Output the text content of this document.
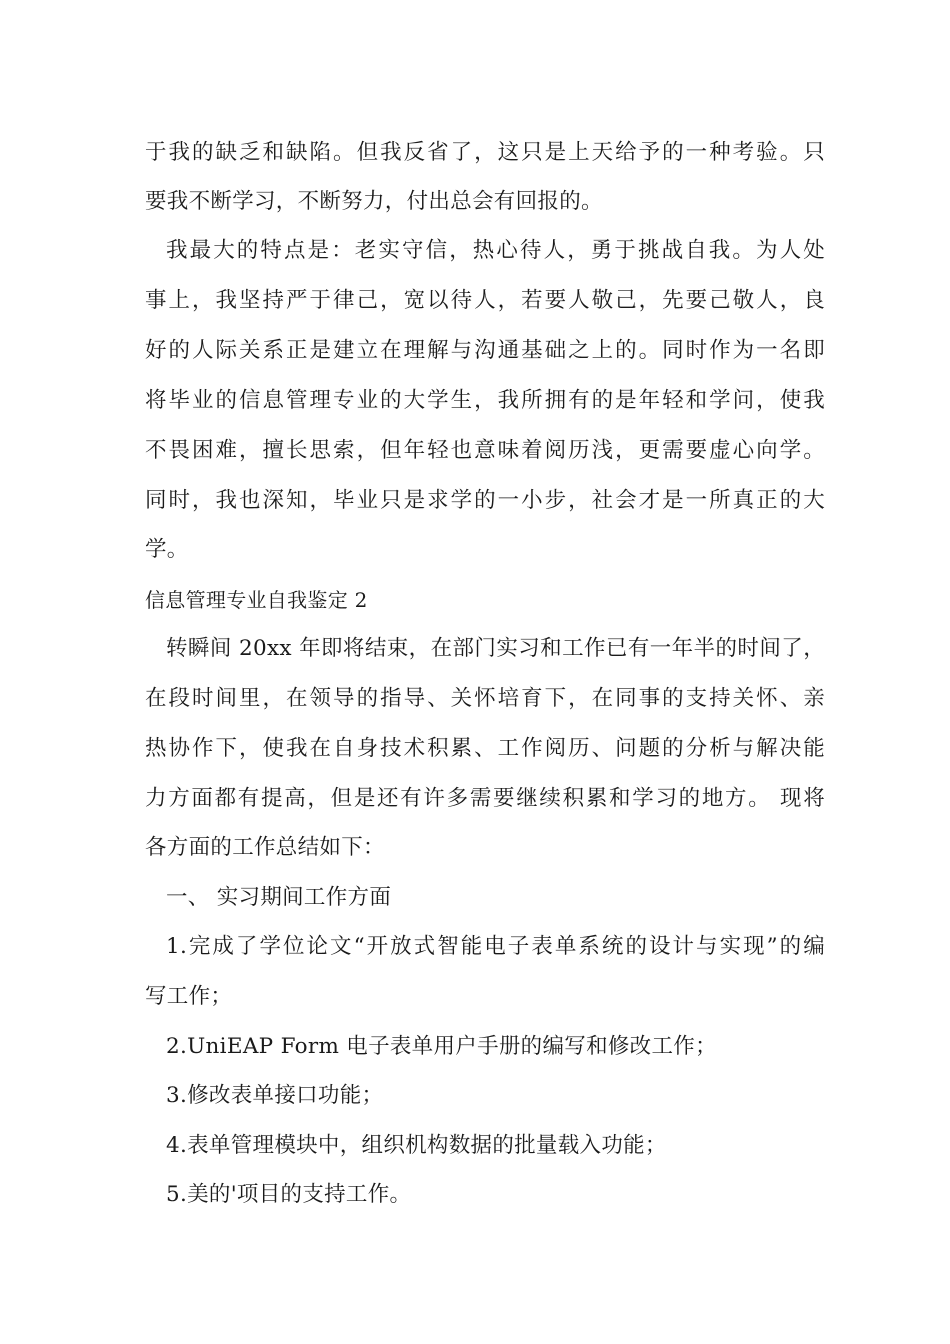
于我的缺乏和缺陷。但我反省了，这只是上天给予的一种考验。只
要我不断学习，不断努力，付出总会有回报的。
我最大的特点是：老实守信，热心待人，勇于挑战自我。为人处
事上，我坚持严于律己，宽以待人，若要人敬己，先要己敬人，良
好的人际关系正是建立在理解与沟通基础之上的。同时作为一名即
将毕业的信息管理专业的大学生，我所拥有的是年轻和学问，使我
不畏困难，擅长思索，但年轻也意味着阅历浅，更需要虚心向学。
同时，我也深知，毕业只是求学的一小步，社会才是一所真正的大
学。
信息管理专业自我鉴定 2
转瞬间 20xx 年即将结束，在部门实习和工作已有一年半的时间了，
在段时间里，在领导的指导、关怀培育下，在同事的支持关怀、亲
热协作下，使我在自身技术积累、工作阅历、问题的分析与解决能
力方面都有提高，但是还有许多需要继续积累和学习的地方。 现将
各方面的工作总结如下：
一、 实习期间工作方面
1.完成了学位论文“开放式智能电子表单系统的设计与实现”的编
写工作；
2.UniEAP Form 电子表单用户手册的编写和修改工作；
3.修改表单接口功能；
4.表单管理模块中，组织机构数据的批量载入功能；
5.美的'项目的支持工作。
